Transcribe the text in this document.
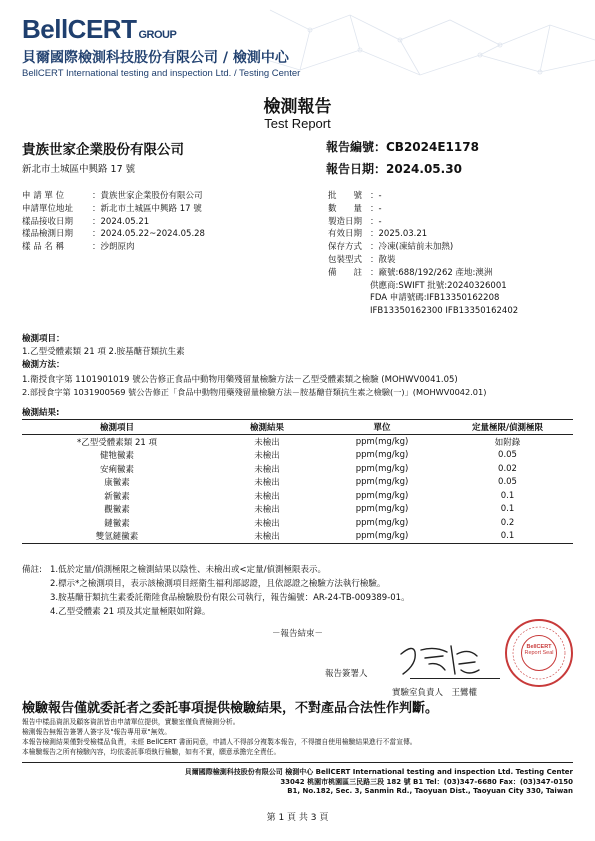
BellCERT GROUP
貝爾國際檢測科技股份有限公司 / 檢測中心
BellCERT International testing and inspection Ltd. / Testing Center
檢測報告
Test Report
貴族世家企業股份有限公司
新北市土城區中興路 17 號
報告編號：CB2024E1178
報告日期：2024.05.30
申 請 單 位	：貴族世家企業股份有限公司
申請單位地址 ：新北市土城區中興路 17 號
樣品接收日期 ：2024.05.21
樣品檢測日期 ：2024.05.22~2024.05.28
樣 品 名 稱	：沙朗原肉
批　　號 ：-
數　　量 ：-
製造日期 ：-
有效日期 ：2025.03.21
保存方式 ：冷凍(凍結前未加熱)
包裝型式 ：散裝
備　　註 ：廠號:688/192/262 產地:澳洲
供應商:SWIFT 批號:20240326001
FDA 申請號碼:IFB13350162208
IFB13350162300 IFB13350162402
檢測項目：
1.乙型受體素類 21 項 2.胺基醣苷類抗生素
檢測方法：
1.衛授食字第 1101901019 號公告修正食品中動物用藥殘留量檢驗方法－乙型受體素類之檢驗 (MOHWV0041.05)
2.部授食字第 1031900569 號公告修正「食品中動物用藥殘留量檢驗方法－胺基醣苷類抗生素之檢驗(一)」(MOHWV0042.01)
檢測結果:
檢測項目	檢測結果	單位	定量極限/偵測極限
*乙型受體素類 21 項	未檢出	ppm(mg/kg)	如附錄
健牠黴素	未檢出	ppm(mg/kg)	0.05
安痢黴素	未檢出	ppm(mg/kg)	0.02
康黴素	未檢出	ppm(mg/kg)	0.05
新黴素	未檢出	ppm(mg/kg)	0.1
觀黴素	未檢出	ppm(mg/kg)	0.1
鏈黴素	未檢出	ppm(mg/kg)	0.2
雙氫鏈黴素	未檢出	ppm(mg/kg)	0.1
備註: 1.低於定量/偵測極限之檢測結果以陰性、未檢出或<定量/偵測極限表示。
2.標示*之檢測項目，表示該檢測項目經衛生福利部認證，且依認證之檢驗方法執行檢驗。
3.胺基醣苷類抗生素委託衛陸食品檢驗股份有限公司執行，報告編號：AR-24-TB-009389-01。
4.乙型受體素 21 項及其定量極限如附錄。
－報告結束－
報告簽署人
實驗室負責人　王鸞權
BellCERT
Report Seal
檢驗報告僅就委託者之委託事項提供檢驗結果，不對產品合法性作判斷。
報告中樣品資訊及顧客資訊皆由申請單位提供，實驗室僅負責檢測分析。
檢測報告無報告簽署人簽字及"報告專用章"無效。
本報告檢測結果僅對受檢樣品負責，未經 BellCERT 書面同意，申請人不得部分複製本報告，不得擅自使用檢驗結果進行不當宣傳。
本檢驗報告之所有檢驗內容，均依委託事項執行檢驗，如有不實，願意承擔完全責任。
貝爾國際檢測科技股份有限公司 檢測中心 BellCERT International testing and inspection Ltd. Testing Center
33042 桃園市桃園區三民路三段 182 號 B1 Tel：(03)347-6680 Fax：(03)347-0150
B1, No.182, Sec. 3, Sanmin Rd., Taoyuan Dist., Taoyuan City 330, Taiwan
第 1 頁 共 3 頁
